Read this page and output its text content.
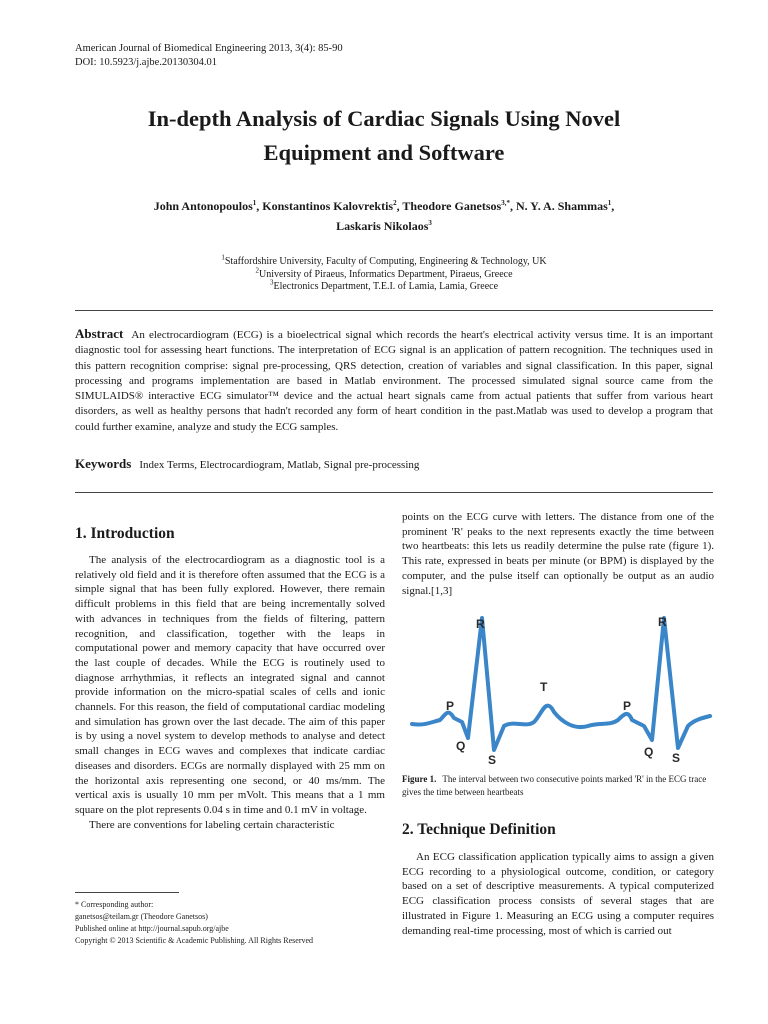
American Journal of Biomedical Engineering 2013, 3(4): 85-90
DOI: 10.5923/j.ajbe.20130304.01
In-depth Analysis of Cardiac Signals Using Novel
Equipment and Software
John Antonopoulos$^1$, Konstantinos Kalovrektis$^2$, Theodore Ganetsos$^{3,*}$, N. Y. A. Shammas$^1$,
Laskaris Nikolaos$^3$
$^1$Staffordshire University, Faculty of Computing, Engineering & Technology, UK
$^2$University of Piraeus, Informatics Department, Piraeus, Greece
$^3$Electronics Department, T.E.I. of Lamia, Lamia, Greece
Abstract An electrocardiogram (ECG) is a bioelectrical signal which records the heart's electrical activity versus time. It is an important diagnostic tool for assessing heart functions. The interpretation of ECG signal is an application of pattern recognition. The techniques used in this pattern recognition comprise: signal pre-processing, QRS detection, creation of variables and signal classification. In this paper, signal processing and programs implementation are based in Matlab environment. The processed simulated signal source came from the SIMULAIDS® interactive ECG simulator™ device and the actual heart signals came from actual patients that suffer from various heart disorders, as well as healthy persons that hadn't recorded any form of heart condition in the past.Matlab was used to develop a program that could further examine, analyze and study the ECG samples.
Keywords Index Terms, Electrocardiogram, Matlab, Signal pre-processing
1. Introduction

The analysis of the electrocardiogram as a diagnostic tool is a relatively old field and it is therefore often assumed that the ECG is a simple signal that has been fully explored. However, there remain difficult problems in this field that are being incrementally solved with advances in techniques from the fields of filtering, pattern recognition, and classification, together with the leaps in computational power and memory capacity that have occurred over the last couple of decades. While the ECG is routinely used to diagnose arrhythmias, it reflects an integrated signal and cannot provide information on the micro-spatial scales of cells and ionic channels. For this reason, the field of computational cardiac modeling and simulation has grown over the last decade. The aim of this paper is by using a novel system to develop methods to analyse and detect small changes in ECG waves and complexes that indicate cardiac diseases and disorders. ECGs are normally displayed with 25 mm on the horizontal axis representing one second, or 40 ms/mm. The vertical axis is usually 10 mm per mVolt. This means that a 1 mm square on the plot represents 0.04 s in time and 0.1 mV in voltage.

There are conventions for labeling certain characteristic

* Corresponding author:
ganetsos@teilam.gr (Theodore Ganetsos)
Published online at http://journal.sapub.org/ajbe
Copyright © 2013 Scientific & Academic Publishing. All Rights Reserved

points on the ECG curve with letters. The distance from one of the prominent 'R' peaks to the next represents exactly the time between two heartbeats: this lets us readily determine the pulse rate (figure 1). This rate, expressed in beats per minute (or BPM) is displayed by the computer, and the pulse itself can optionally be output as an audio signal.[1,3]

R	R
P	P
T
Q	Q
S	S
Figure 1. The interval between two consecutive points marked 'R' in the ECG trace gives the time between heartbeats
2. Technique Definition

An ECG classification application typically aims to assign a given ECG recording to a physiological outcome, condition, or category based on a set of descriptive measurements. A typical computerized ECG classification process consists of several stages that are illustrated in Figure 1. Measuring an ECG using a computer requires demanding real-time processing, most of which is carried out
